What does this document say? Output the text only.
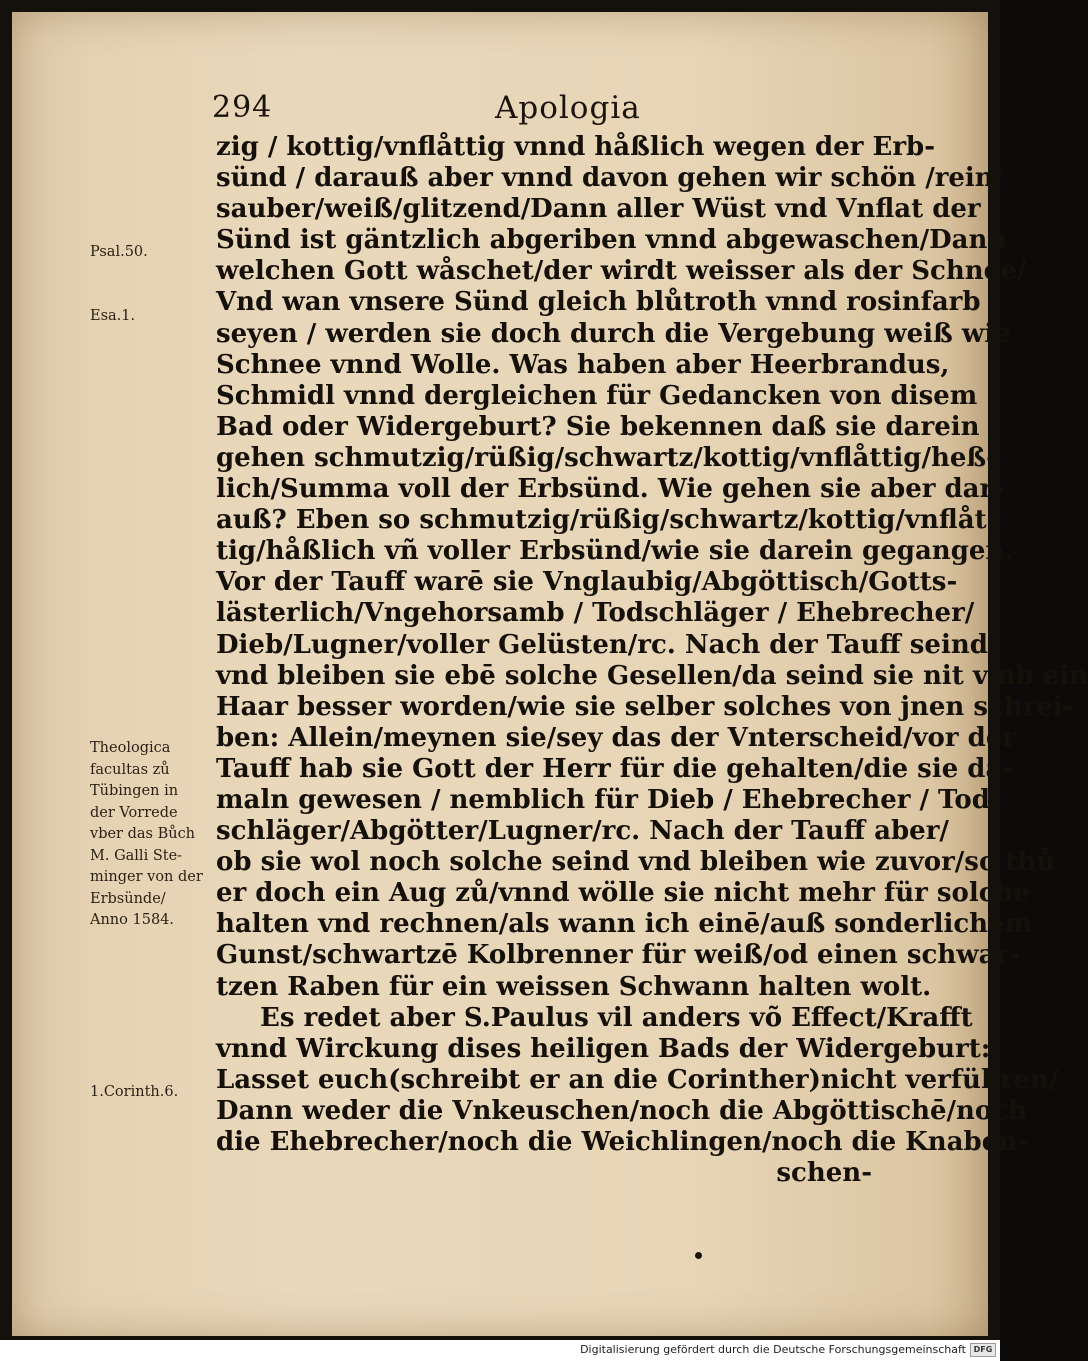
294	Apologia
zig / kottig/vnflåttig vnnd håßlich wegen der Erb-
sünd / darauß aber vnnd davon gehen wir schön /rein/
sauber/weiß/glitzend/Dann aller Wüst vnd Vnflat der
Sünd ist gäntzlich abgeriben vnnd abgewaschen/Dann
welchen Gott wåschet/der wirdt weisser als der Schnee/
Vnd wan vnsere Sünd gleich blůtroth vnnd rosinfarb
seyen / werden sie doch durch die Vergebung weiß wie
Schnee vnnd Wolle. Was haben aber Heerbrandus,
Schmidl vnnd dergleichen für Gedancken von disem
Bad oder Widergeburt? Sie bekennen daß sie darein
gehen schmutzig/rüßig/schwartz/kottig/vnflåttig/heß-
lich/Summa voll der Erbsünd. Wie gehen sie aber dar-
auß? Eben so schmutzig/rüßig/schwartz/kottig/vnflåt-
tig/håßlich vñ voller Erbsünd/wie sie darein gegangen.
Vor der Tauff warē sie Vnglaubig/Abgöttisch/Gotts-
lästerlich/Vngehorsamb / Todschläger / Ehebrecher/
Dieb/Lugner/voller Gelüsten/rc. Nach der Tauff seind
vnd bleiben sie ebē solche Gesellen/da seind sie nit vmb ein
Haar besser worden/wie sie selber solches von jnen schrei-
ben: Allein/meynen sie/sey das der Vnterscheid/vor der
Tauff hab sie Gott der Herr für die gehalten/die sie da-
maln gewesen / nemblich für Dieb / Ehebrecher / Tod-
schläger/Abgötter/Lugner/rc. Nach der Tauff aber/
ob sie wol noch solche seind vnd bleiben wie zuvor/so thů
er doch ein Aug zů/vnnd wölle sie nicht mehr für solche
halten vnd rechnen/als wann ich einē/auß sonderlichem
Gunst/schwartzē Kolbrenner für weiß/od einen schwar-
tzen Raben für ein weissen Schwann halten wolt.
Es redet aber S.Paulus vil anders võ Effect/Krafft
vnnd Wirckung dises heiligen Bads der Widergeburt:
Lasset euch(schreibt er an die Corinther)nicht verführen/
Dann weder die Vnkeuschen/noch die Abgöttischē/noch
die Ehebrecher/noch die Weichlingen/noch die Knaben-
schen-
Psal.50.
Esa.1.
Theologica
facultas zů
Tübingen in
der Vorrede
vber das Bůch
M. Galli Ste-
minger von der
Erbsünde/
Anno 1584.
1.Corinth.6.
Digitalisierung gefördert durch die Deutsche Forschungsgemeinschaft DFG
